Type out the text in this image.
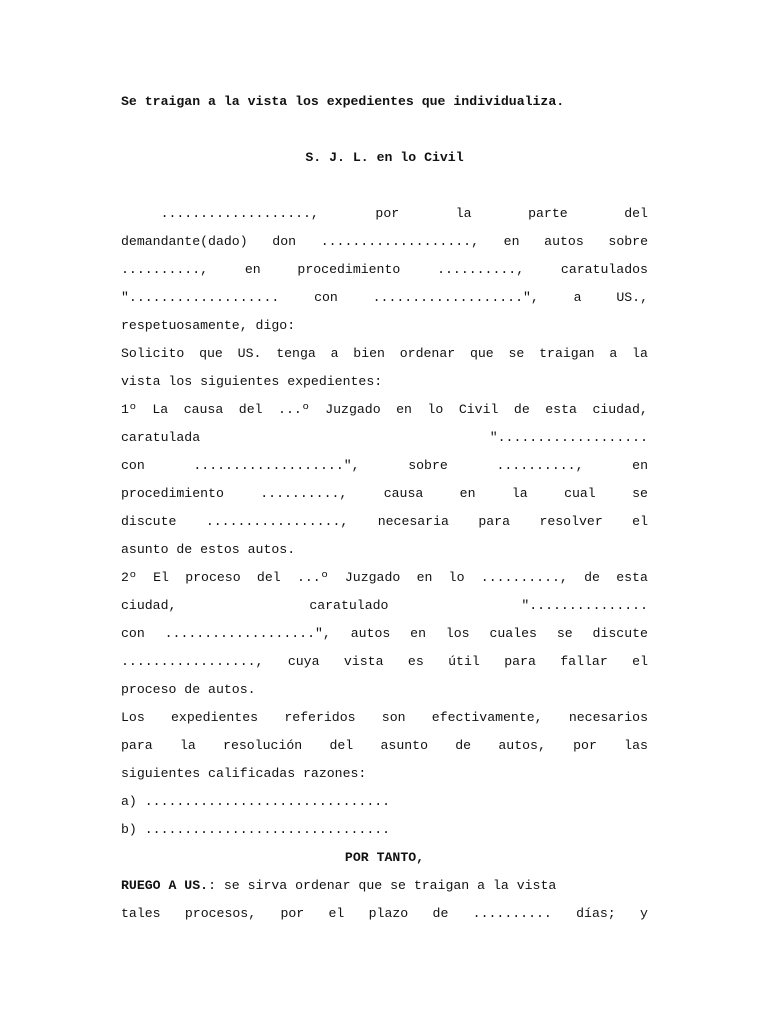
Se traigan a la vista los expedientes que individualiza.
S. J. L. en lo Civil
...................,	por	la	parte	del
demandante(dado) don ..................., en autos sobre
..........,	en	procedimiento	..........,	caratulados
"...................	con	...................",	a	US.,
respetuosamente, digo:
Solicito que US. tenga a bien ordenar que se traigan a la
vista los siguientes expedientes:
1º La causa del ...º Juzgado en lo Civil de esta ciudad,
caratulada	"...................
con	...................",	sobre	..........,	en
procedimiento	..........,	causa	en	la	cual	se
discute ................., necesaria para resolver el
asunto de estos autos.
2º El proceso del ...º Juzgado en lo .........., de esta
ciudad,	caratulado	"...............
con ...................", autos en los cuales se discute
................., cuya vista es útil para fallar el
proceso de autos.
Los expedientes referidos son efectivamente, necesarios
para la resolución del asunto de autos, por las
siguientes calificadas razones:
a) ...............................
b) ...............................
POR TANTO,
RUEGO A US. : se sirva ordenar que se traigan a la vista
tales procesos, por el plazo de .......... días; y
